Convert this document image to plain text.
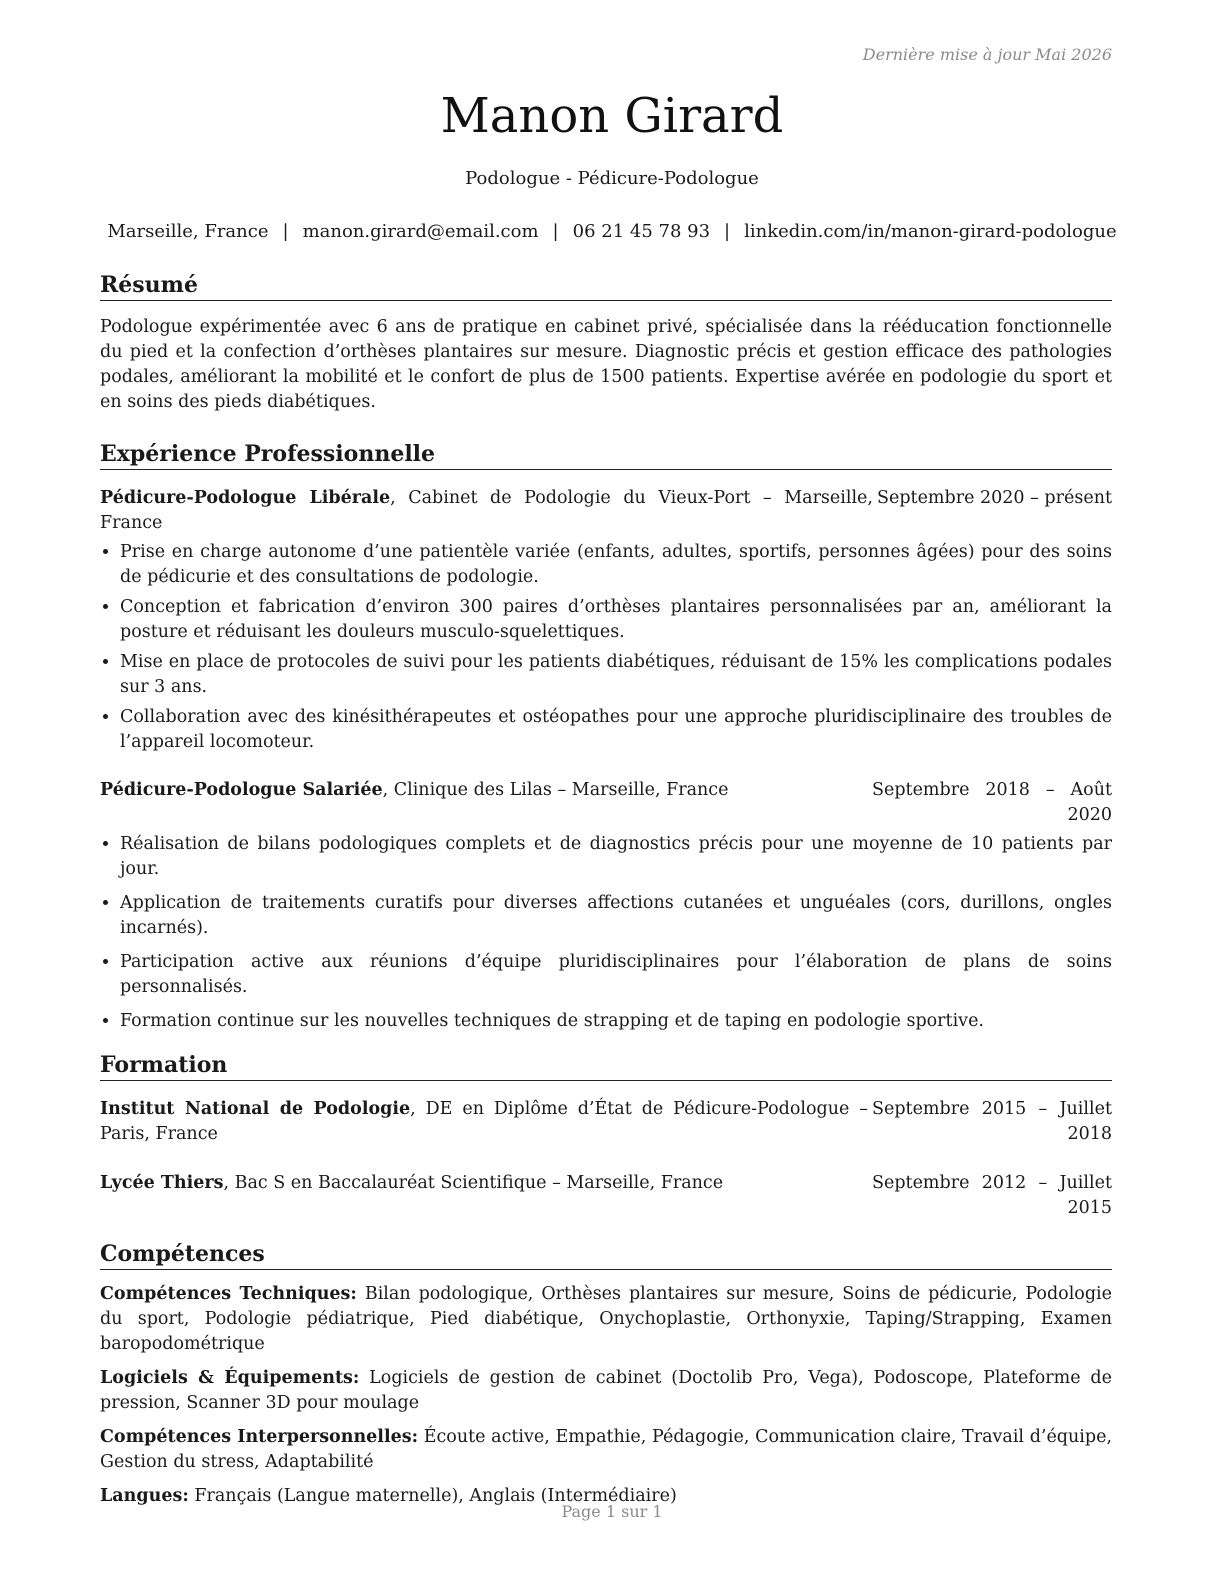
Dernière mise à jour Mai 2026
Manon Girard
Podologue - Pédicure-Podologue
Marseille, France | manon.girard@email.com | 06 21 45 78 93 | linkedin.com/in/manon-girard-podologue
Résumé

Podologue expérimentée avec 6 ans de pratique en cabinet privé, spécialisée dans la rééducation fonctionnelle du pied et la confection d’orthèses plantaires sur mesure. Diagnostic précis et gestion efficace des pathologies podales, améliorant la mobilité et le confort de plus de 1500 patients. Expertise avérée en podologie du sport et en soins des pieds diabétiques.

Expérience Professionnelle
Pédicure-Podologue Libérale, Cabinet de Podologie du Vieux-Port – Marseille, France
Septembre 2020 – présent
• Prise en charge autonome d’une patientèle variée (enfants, adultes, sportifs, personnes âgées) pour des soins de pédicurie et des consultations de podologie.
• Conception et fabrication d’environ 300 paires d’orthèses plantaires personnalisées par an, améliorant la posture et réduisant les douleurs musculo-squelettiques.
• Mise en place de protocoles de suivi pour les patients diabétiques, réduisant de 15% les complications podales sur 3 ans.
• Collaboration avec des kinésithérapeutes et ostéopathes pour une approche pluridisciplinaire des troubles de l’appareil locomoteur.
Pédicure-Podologue Salariée, Clinique des Lilas – Marseille, France	Septembre 2018 – Août 2020
• Réalisation de bilans podologiques complets et de diagnostics précis pour une moyenne de 10 patients par jour.
• Application de traitements curatifs pour diverses affections cutanées et unguéales (cors, durillons, ongles incarnés).
• Participation active aux réunions d’équipe pluridisciplinaires pour l’élaboration de plans de soins personnalisés.
• Formation continue sur les nouvelles techniques de strapping et de taping en podologie sportive.
Formation
Institut National de Podologie, DE en Diplôme d’État de Pédicure-Podologue – Paris, France
Septembre 2015 – Juillet 2018
Lycée Thiers, Bac S en Baccalauréat Scientifique – Marseille, France	Septembre 2012 – Juillet 2015
Compétences
Compétences Techniques: Bilan podologique, Orthèses plantaires sur mesure, Soins de pédicurie, Podologie du sport, Podologie pédiatrique, Pied diabétique, Onychoplastie, Orthonyxie, Taping/Strapping, Examen baropodométrique
Logiciels & Équipements: Logiciels de gestion de cabinet (Doctolib Pro, Vega), Podoscope, Plateforme de pression, Scanner 3D pour moulage
Compétences Interpersonnelles: Écoute active, Empathie, Pédagogie, Communication claire, Travail d’équipe, Gestion du stress, Adaptabilité
Langues: Français (Langue maternelle), Anglais (Intermédiaire)
Page 1 sur 1
